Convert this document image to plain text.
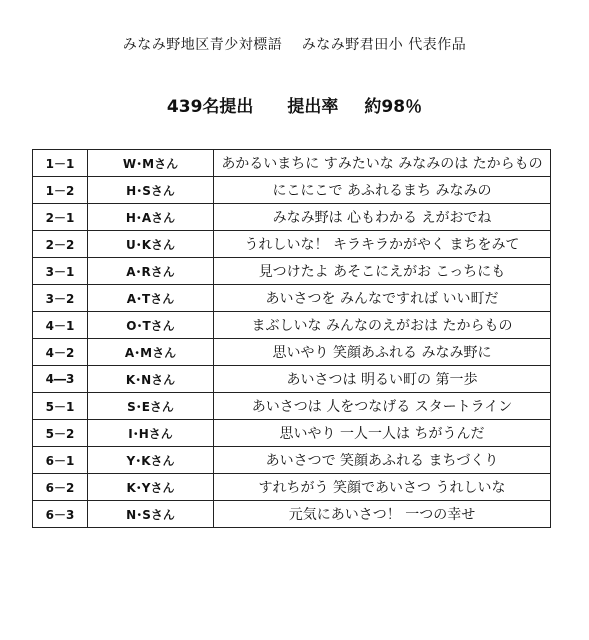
みなみ野地区青少対標語　 みなみ野君田小 代表作品
439名提出 提出率 約98％
1－1	W･Mさん	あかるいまちに すみたいな みなみのは たからもの
1－2	H･Sさん	にこにこで あふれるまち みなみの
2－1	H･Aさん	みなみ野は 心もわかる えがおでね
2－2	U･Kさん	うれしいな！ キラキラかがやく まちをみて
3－1	A･Rさん	見つけたよ あそこにえがお こっちにも
3－2	A･Tさん	あいさつを みんなですれば いい町だ
4－1	O･Tさん	まぶしいな みんなのえがおは たからもの
4－2	A･Mさん	思いやり 笑顔あふれる みなみ野に
4―3	K･Nさん	あいさつは 明るい町の 第一歩
5－1	S･Eさん	あいさつは 人をつなげる スタートライン
5－2	I･Hさん	思いやり 一人一人は ちがうんだ
6－1	Y･Kさん	あいさつで 笑顔あふれる まちづくり
6－2	K･Yさん	すれちがう 笑顔であいさつ うれしいな
6－3	N･Sさん	元気にあいさつ！ 一つの幸せ
